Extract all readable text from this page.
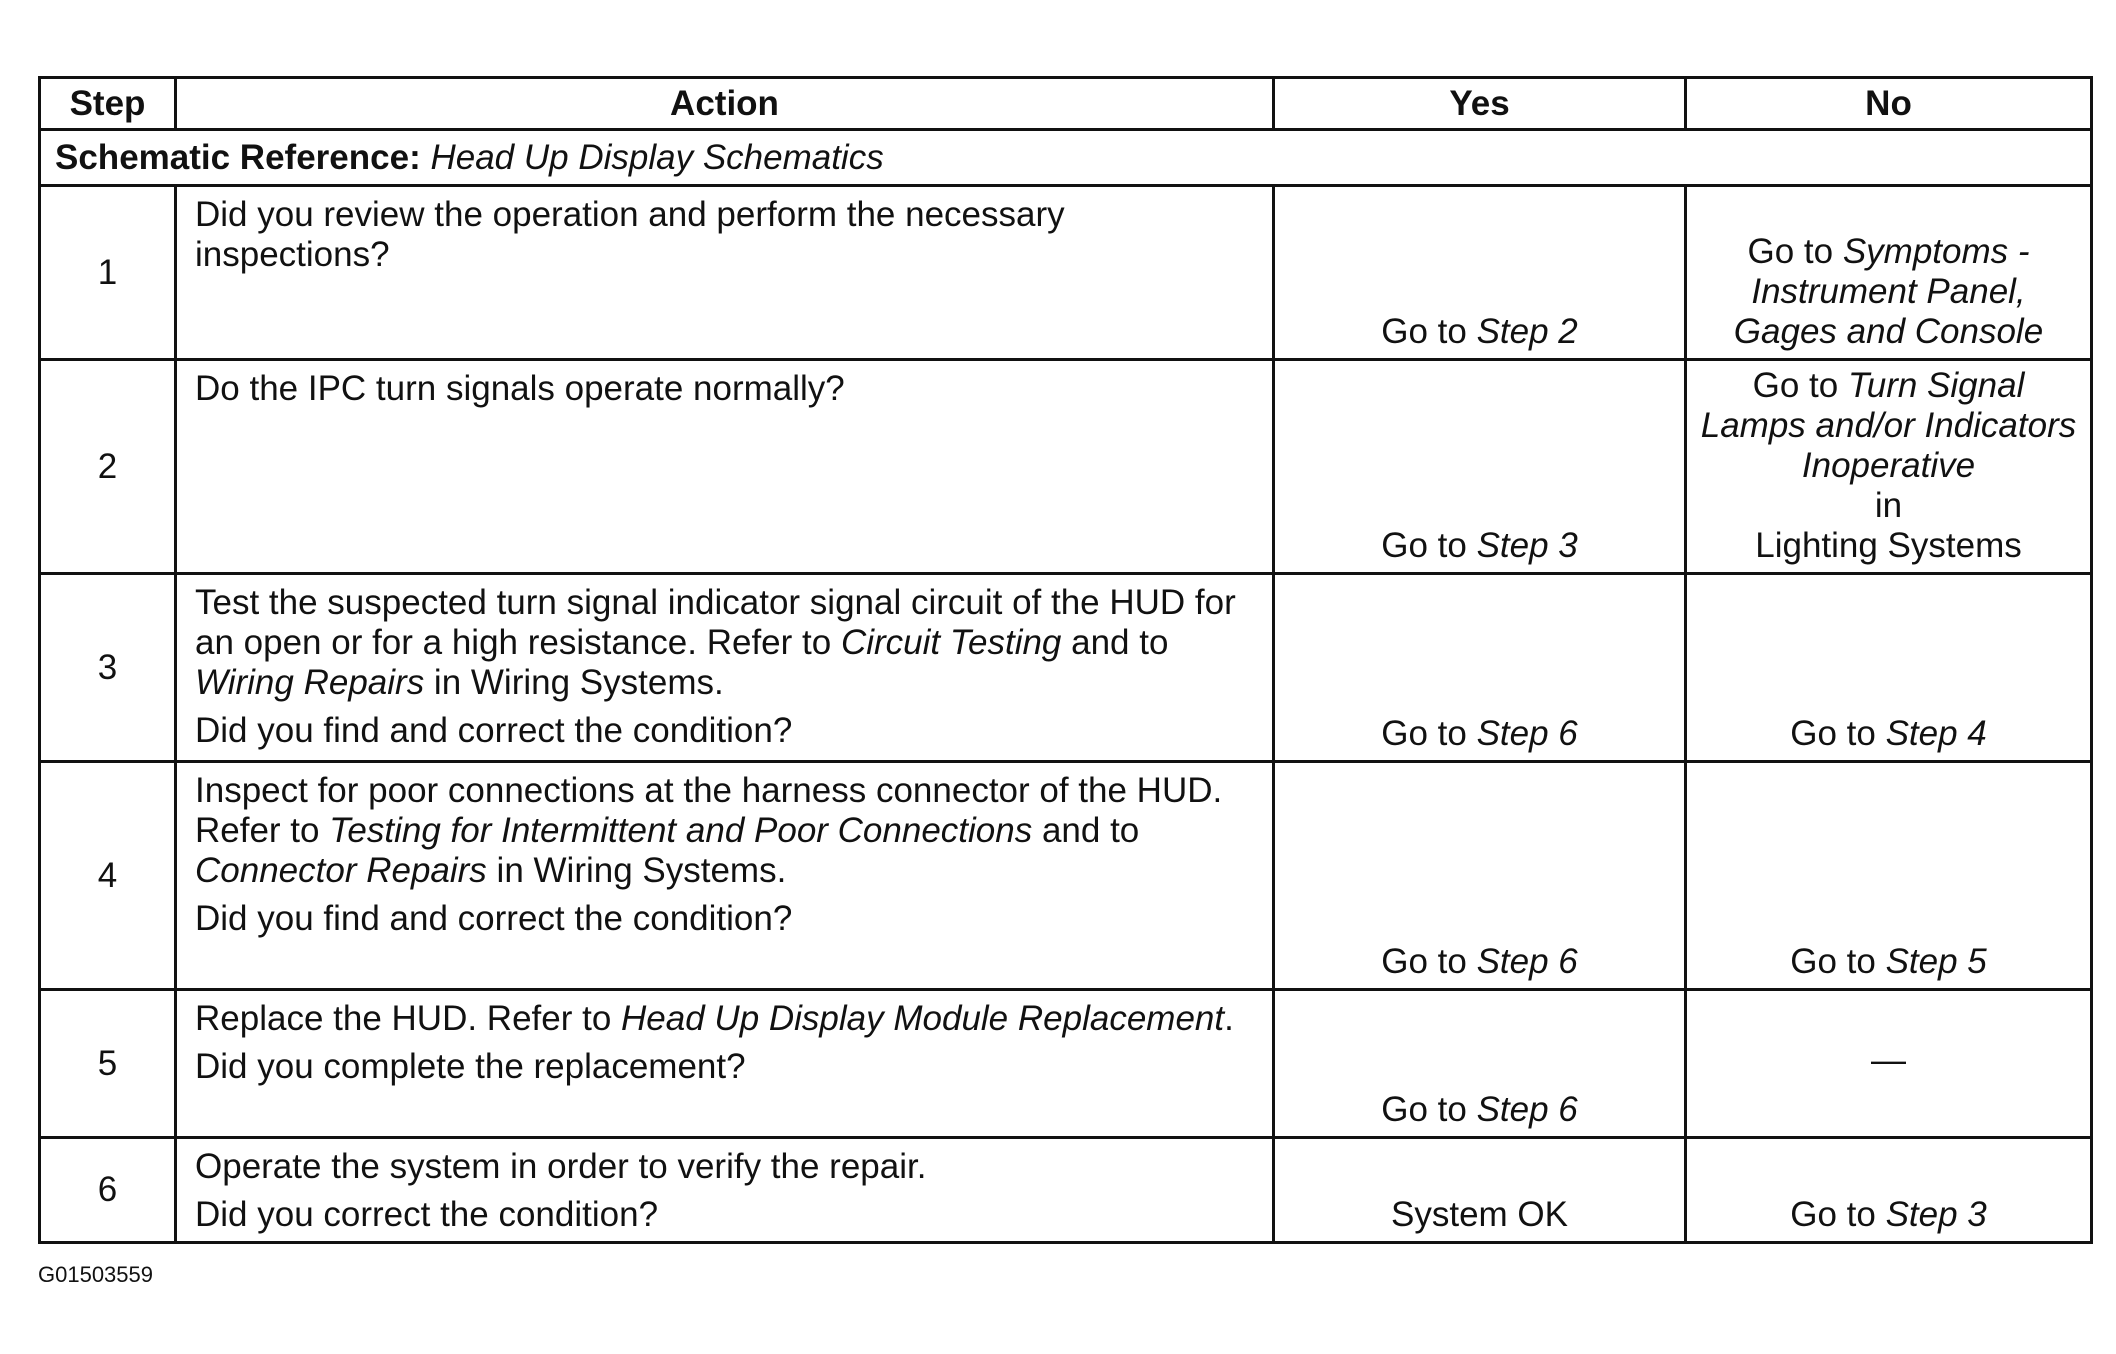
Step	Action	Yes	No
Schematic Reference: Head Up Display Schematics			
1	Did you review the operation and perform the necessary inspections?	Go to Step 2	Go to Symptoms - Instrument Panel, Gages and Console
2	Do the IPC turn signals operate normally?	Go to Step 3	Go to Turn Signal Lamps and/or Indicators Inoperative
in
Lighting Systems

3	Test the suspected turn signal indicator signal circuit of the HUD for an open or for a high resistance. Refer to Circuit Testing and to Wiring Repairs in Wiring Systems.
Did you find and correct the condition?	Go to Step 6	Go to Step 4
4	Inspect for poor connections at the harness connector of the HUD. Refer to Testing for Intermittent and Poor Connections and to Connector Repairs in Wiring Systems.
Did you find and correct the condition?	Go to Step 6	Go to Step 5
5	Replace the HUD. Refer to Head Up Display Module Replacement.
Did you complete the replacement?	Go to Step 6	—
6	Operate the system in order to verify the repair.
Did you correct the condition?	System OK	Go to Step 3
G01503559
